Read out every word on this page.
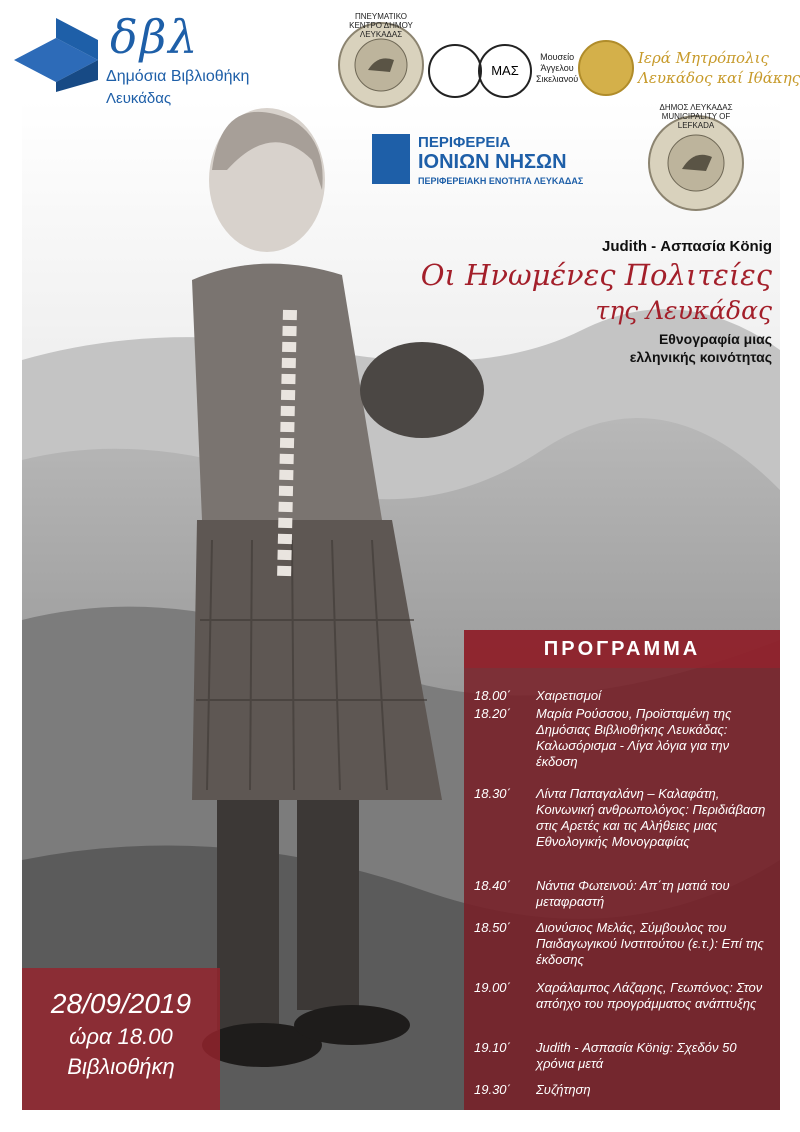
δβλ
Δημόσια Βιβλιοθήκη
Λευκάδας
ΠΝΕΥΜΑΤΙΚΟ ΚΕΝΤΡΟ ΔΗΜΟΥ ΛΕΥΚΑΔΑΣ
ΜΑΣ
Μουσείο
Άγγελου
Σικελιανού
Ιερά Μητρόπολις
Λευκάδος καί Ιθάκης
ΠΕΡΙΦΕΡΕΙΑ
ΙΟΝΙΩΝ ΝΗΣΩΝ
ΠΕΡΙΦΕΡΕΙΑΚΗ ΕΝΟΤΗΤΑ ΛΕΥΚΑΔΑΣ
ΔΗΜΟΣ ΛΕΥΚΑΔΑΣ MUNICIPALITY OF LEFKADA
Judith - Ασπασία König
Οι Ηνωμένες Πολιτείες
της Λευκάδας
Εθνογραφία μιας
ελληνικής κοινότητας
ΠΡΟΓΡΑΜΜΑ
18.00΄ Χαιρετισμοί
18.20΄ Μαρία Ρούσσου, Προϊσταμένη της Δημόσιας Βιβλιοθήκης Λευκάδας: Καλωσόρισμα - Λίγα λόγια για την έκδοση
18.30΄ Λίντα Παπαγαλάνη – Καλαφάτη, Κοινωνική ανθρωπολόγος: Περιδιάβαση στις Αρετές και τις Αλήθειες μιας Εθνολογικής Μονογραφίας
18.40΄ Νάντια Φωτεινού: Απ΄τη ματιά του μεταφραστή
18.50΄ Διονύσιος Μελάς, Σύμβουλος του Παιδαγωγικού Ινστιτούτου (ε.τ.): Επί της έκδοσης
19.00΄ Χαράλαμπος Λάζαρης, Γεωπόνος: Στον απόηχο του προγράμματος ανάπτυξης
19.10΄ Judith - Ασπασία König: Σχεδόν 50 χρόνια μετά
19.30΄ Συζήτηση
28/09/2019
ώρα 18.00
Βιβλιοθήκη
